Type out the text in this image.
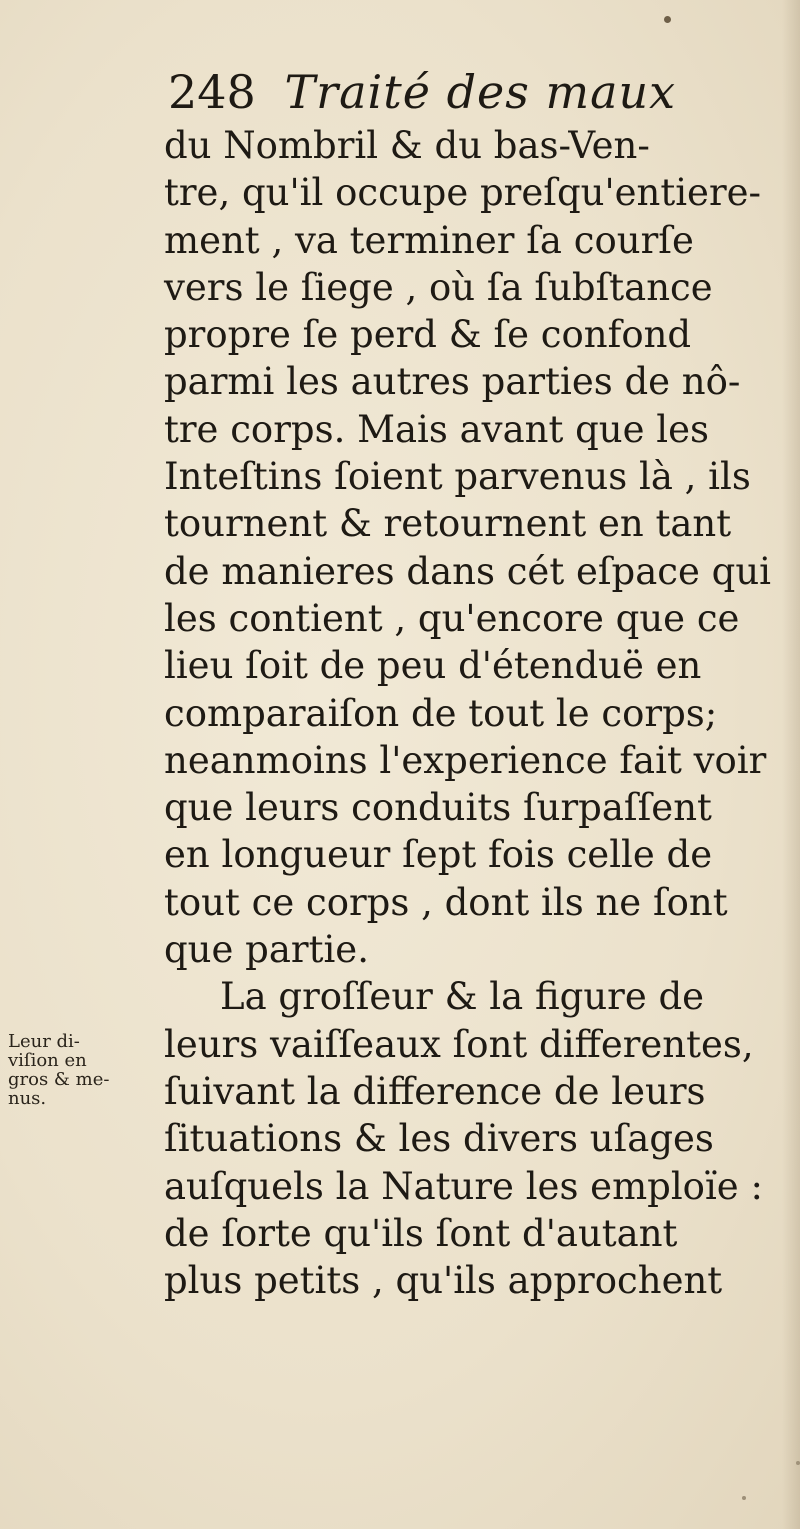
248 Traité des maux
du Nombril & du bas-Ven-
tre, qu'il occupe preſqu'entiere-
ment , va terminer ſa courſe
vers le ſiege , où ſa ſubſtance
propre ſe perd & ſe confond
parmi les autres parties de nô-
tre corps. Mais avant que les
Inteſtins ſoient parvenus là , ils
tournent & retournent en tant
de manieres dans cét eſpace qui
les contient , qu'encore que ce
lieu ſoit de peu d'étenduë en
comparaiſon de tout le corps;
neanmoins l'experience fait voir
que leurs conduits ſurpaſſent
en longueur ſept fois celle de
tout ce corps , dont ils ne ſont
que partie.
La groſſeur & la figure de
leurs vaiſſeaux ſont differentes,
ſuivant la difference de leurs
ſituations & les divers uſages
auſquels la Nature les emploïe :
de ſorte qu'ils ſont d'autant
plus petits , qu'ils approchent
Leur di-
viſion en
gros & me-
nus.
